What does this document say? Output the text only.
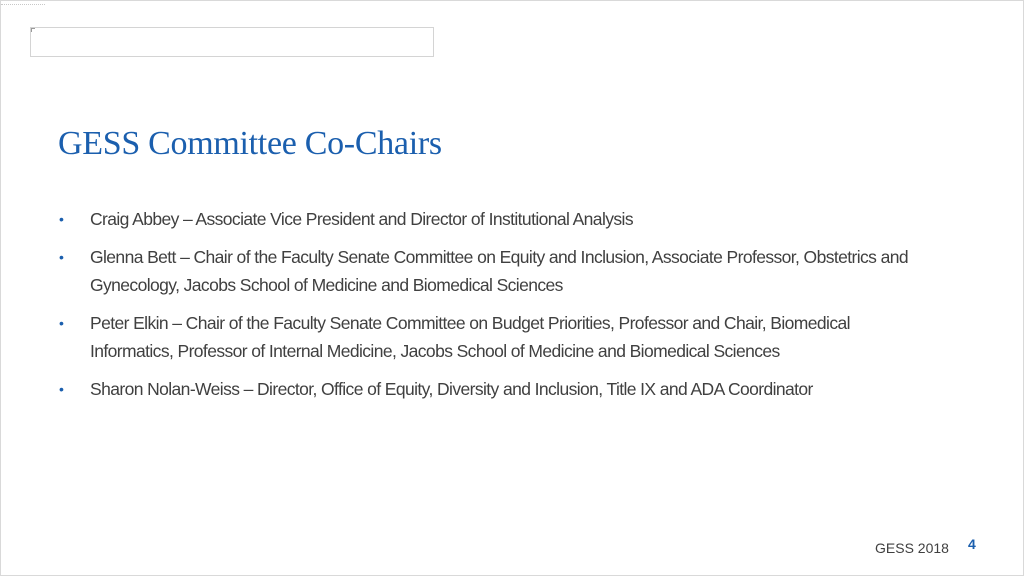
GESS Committee Co-Chairs
• Craig Abbey – Associate Vice President and Director of Institutional Analysis
• Glenna Bett – Chair of the Faculty Senate Committee on Equity and Inclusion, Associate Professor, Obstetrics and Gynecology, Jacobs School of Medicine and Biomedical Sciences
• Peter Elkin – Chair of the Faculty Senate Committee on Budget Priorities, Professor and Chair, Biomedical Informatics, Professor of Internal Medicine, Jacobs School of Medicine and Biomedical Sciences
• Sharon Nolan-Weiss – Director, Office of Equity, Diversity and Inclusion, Title IX and ADA Coordinator
GESS 2018 4
